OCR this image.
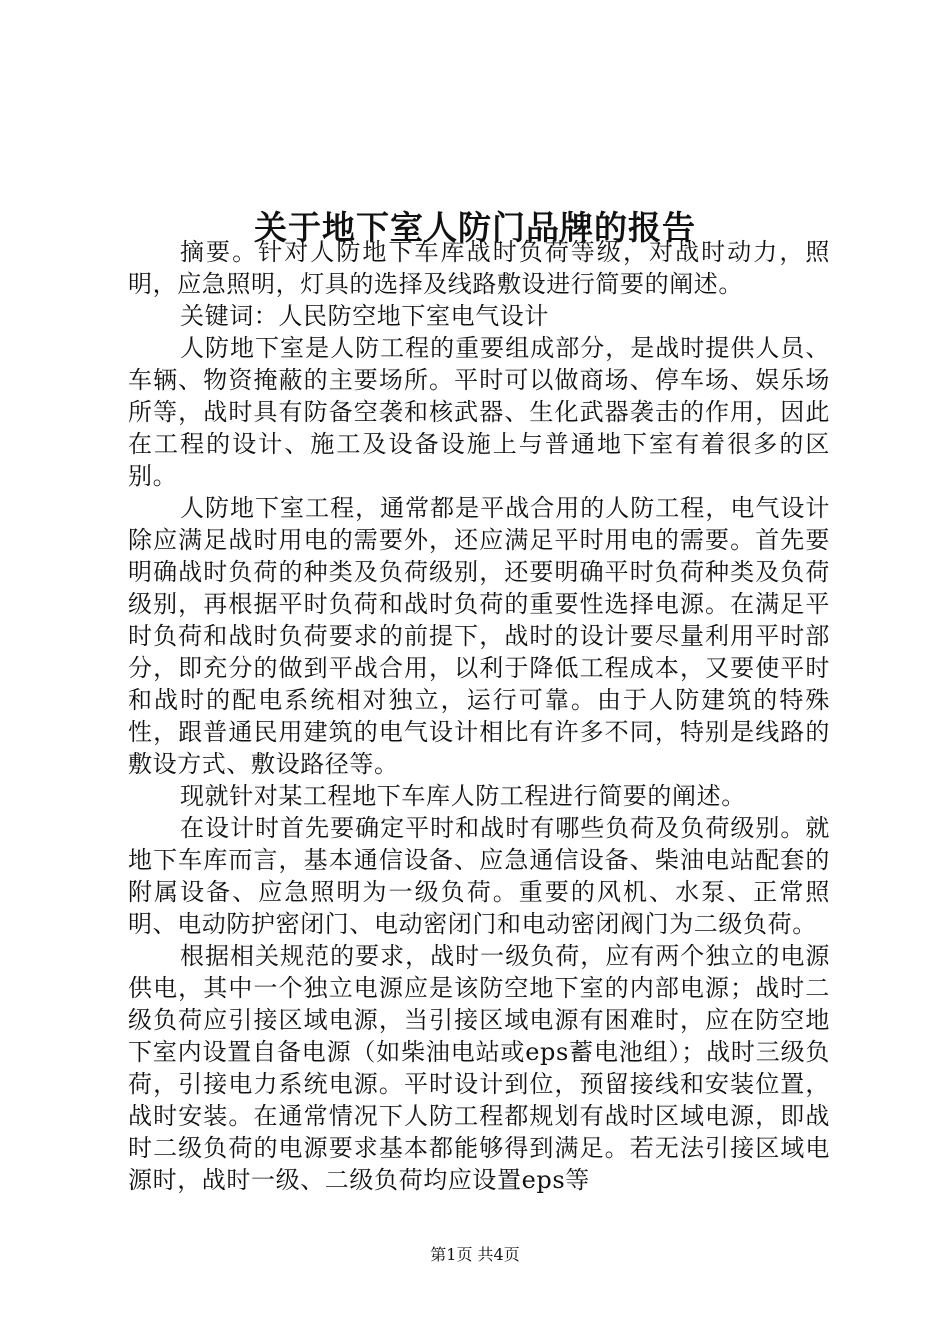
关于地下室人防门品牌的报告

摘要。针对人防地下车库战时负荷等级，对战时动力，照明，应急照明，灯具的选择及线路敷设进行简要的阐述。

关键词：人民防空地下室电气设计

人防地下室是人防工程的重要组成部分，是战时提供人员、车辆、物资掩蔽的主要场所。平时可以做商场、停车场、娱乐场所等，战时具有防备空袭和核武器、生化武器袭击的作用，因此在工程的设计、施工及设备设施上与普通地下室有着很多的区别。

人防地下室工程，通常都是平战合用的人防工程，电气设计除应满足战时用电的需要外，还应满足平时用电的需要。首先要明确战时负荷的种类及负荷级别，还要明确平时负荷种类及负荷级别，再根据平时负荷和战时负荷的重要性选择电源。在满足平时负荷和战时负荷要求的前提下，战时的设计要尽量利用平时部分，即充分的做到平战合用，以利于降低工程成本，又要使平时和战时的配电系统相对独立，运行可靠。由于人防建筑的特殊性，跟普通民用建筑的电气设计相比有许多不同，特别是线路的敷设方式、敷设路径等。

现就针对某工程地下车库人防工程进行简要的阐述。

在设计时首先要确定平时和战时有哪些负荷及负荷级别。就地下车库而言，基本通信设备、应急通信设备、柴油电站配套的附属设备、应急照明为一级负荷。重要的风机、水泵、正常照明、电动防护密闭门、电动密闭门和电动密闭阀门为二级负荷。

根据相关规范的要求，战时一级负荷，应有两个独立的电源供电，其中一个独立电源应是该防空地下室的内部电源；战时二级负荷应引接区域电源，当引接区域电源有困难时，应在防空地下室内设置自备电源（如柴油电站或eps蓄电池组）；战时三级负荷，引接电力系统电源。平时设计到位，预留接线和安装位置，战时安装。在通常情况下人防工程都规划有战时区域电源，即战时二级负荷的电源要求基本都能够得到满足。若无法引接区域电源时，战时一级、二级负荷均应设置eps等

第1页 共4页
